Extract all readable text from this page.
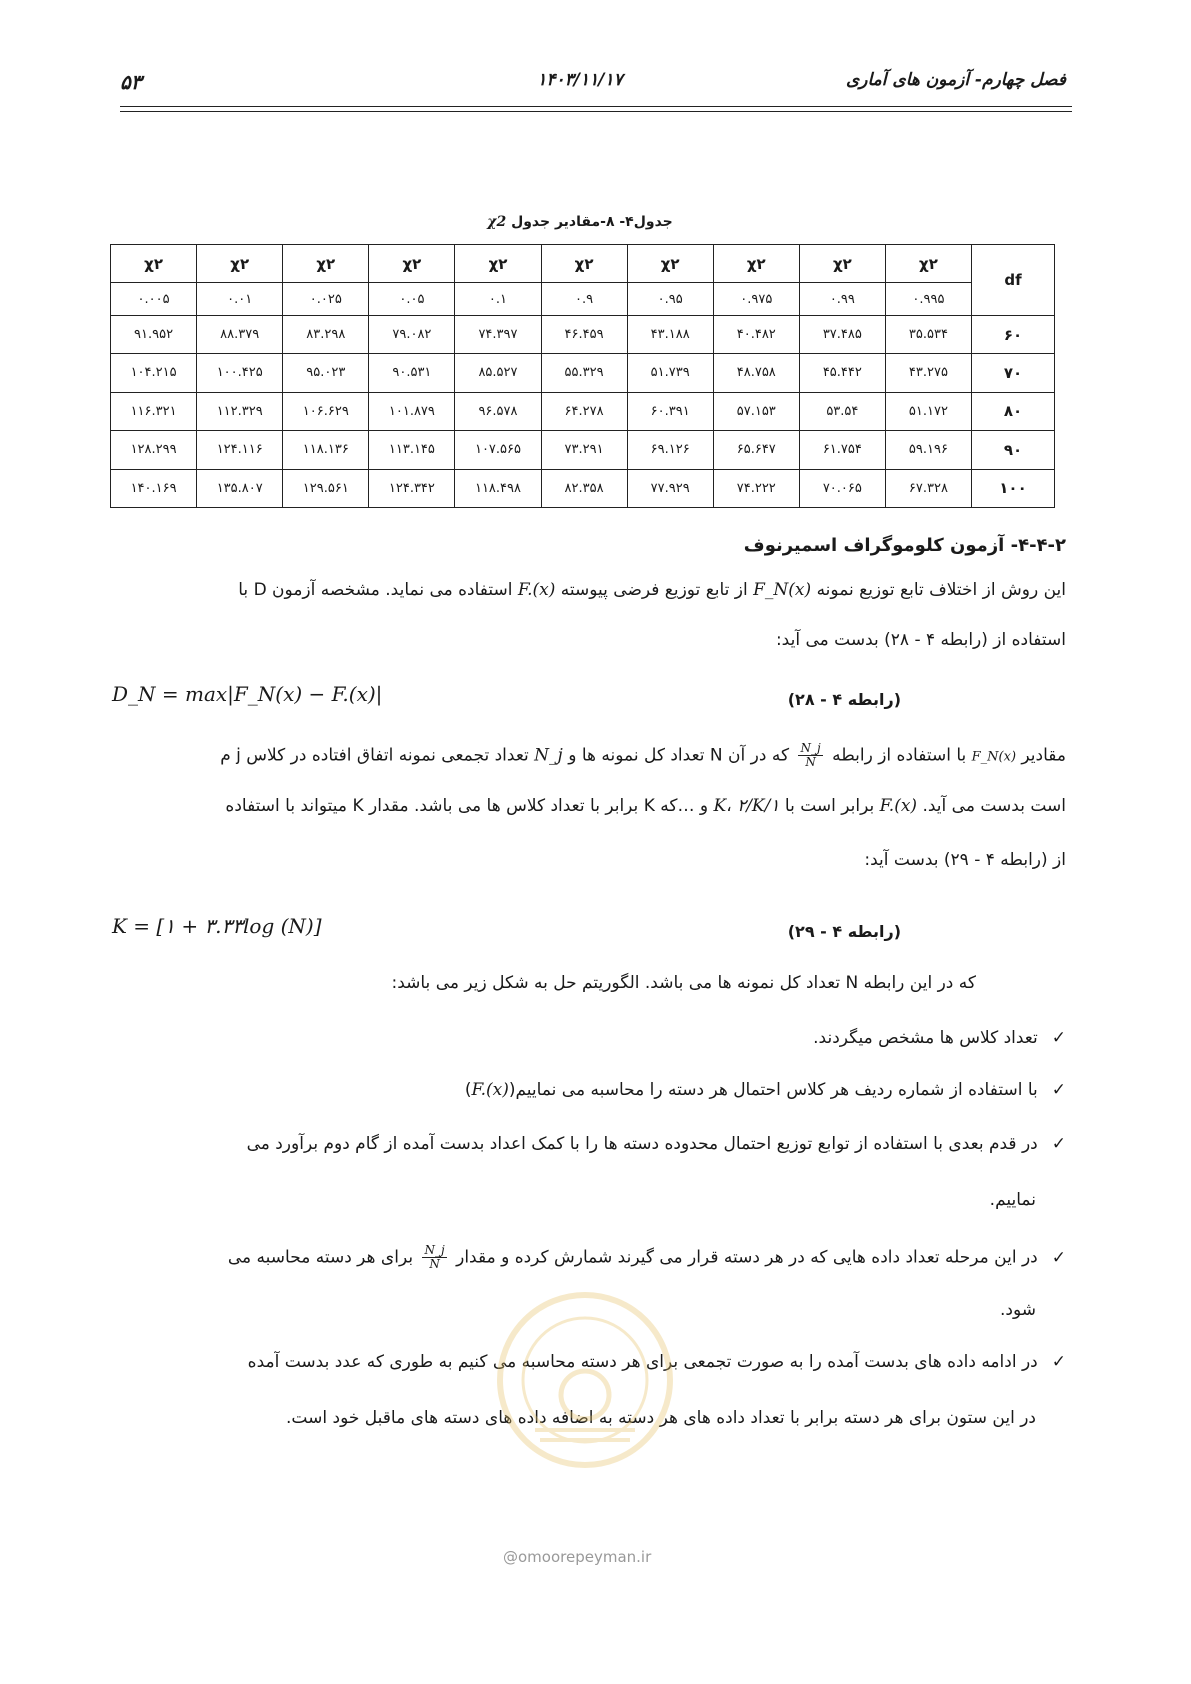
فصل چهارم- آزمون های آماری
۱۴۰۳/۱۱/۱۷
۵۳
جدول۴- ۸-مقادیر جدول χ2
df	χ۲	χ۲	χ۲	χ۲	χ۲	χ۲	χ۲	χ۲	χ۲	χ۲
	۰.۹۹۵	۰.۹۹	۰.۹۷۵	۰.۹۵	۰.۹	۰.۱	۰.۰۵	۰.۰۲۵	۰.۰۱	۰.۰۰۵
۶۰	۳۵.۵۳۴	۳۷.۴۸۵	۴۰.۴۸۲	۴۳.۱۸۸	۴۶.۴۵۹	۷۴.۳۹۷	۷۹.۰۸۲	۸۳.۲۹۸	۸۸.۳۷۹	۹۱.۹۵۲
۷۰	۴۳.۲۷۵	۴۵.۴۴۲	۴۸.۷۵۸	۵۱.۷۳۹	۵۵.۳۲۹	۸۵.۵۲۷	۹۰.۵۳۱	۹۵.۰۲۳	۱۰۰.۴۲۵	۱۰۴.۲۱۵
۸۰	۵۱.۱۷۲	۵۳.۵۴	۵۷.۱۵۳	۶۰.۳۹۱	۶۴.۲۷۸	۹۶.۵۷۸	۱۰۱.۸۷۹	۱۰۶.۶۲۹	۱۱۲.۳۲۹	۱۱۶.۳۲۱
۹۰	۵۹.۱۹۶	۶۱.۷۵۴	۶۵.۶۴۷	۶۹.۱۲۶	۷۳.۲۹۱	۱۰۷.۵۶۵	۱۱۳.۱۴۵	۱۱۸.۱۳۶	۱۲۴.۱۱۶	۱۲۸.۲۹۹
۱۰۰	۶۷.۳۲۸	۷۰.۰۶۵	۷۴.۲۲۲	۷۷.۹۲۹	۸۲.۳۵۸	۱۱۸.۴۹۸	۱۲۴.۳۴۲	۱۲۹.۵۶۱	۱۳۵.۸۰۷	۱۴۰.۱۶۹
۴-۴-۲- آزمون کلوموگراف اسمیرنوف
این روش از اختلاف تابع توزیع نمونه F_N(x) از تابع توزیع فرضی پیوسته F.(x) استفاده می نماید. مشخصه آزمون D با
استفاده از (رابطه ۴ - ۲۸) بدست می آید:
D_N = max|F_N(x) − F.(x)|	(رابطه ۴ - ۲۸)
مقادیر F_N(x) با استفاده از رابطه
$\frac{N\_j}{N}$
که در آن N تعداد کل نمونه ها و N_j تعداد تجمعی نمونه اتفاق افتاده در کلاس j م
است بدست می آید. F.(x) برابر است با ۱/K، ۲/K و …که K برابر با تعداد کلاس ها می باشد. مقدار K میتواند با استفاده
از (رابطه ۴ - ۲۹) بدست آید:
K = [۱ + ۳.۳۳log (N)]	(رابطه ۴ - ۲۹)
که در این رابطه N تعداد کل نمونه ها می باشد. الگوریتم حل به شکل زیر می باشد:
✓تعداد کلاس ها مشخص میگردند.
✓با استفاده از شماره ردیف هر کلاس احتمال هر دسته را محاسبه می نماییم(F.(x))
✓در قدم بعدی با استفاده از توابع توزیع احتمال محدوده دسته ها را با کمک اعداد بدست آمده از گام دوم برآورد می
نماییم.
✓در این مرحله تعداد داده هایی که در هر دسته قرار می گیرند شمارش کرده و مقدار
$\frac{N\_j}{N}$
برای هر دسته محاسبه می
شود.
✓در ادامه داده های بدست آمده را به صورت تجمعی برای هر دسته محاسبه می کنیم به طوری که عدد بدست آمده
در این ستون برای هر دسته برابر با تعداد داده های هر دسته به اضافه داده های دسته های ماقبل خود است.
@omoorepeyman.ir
